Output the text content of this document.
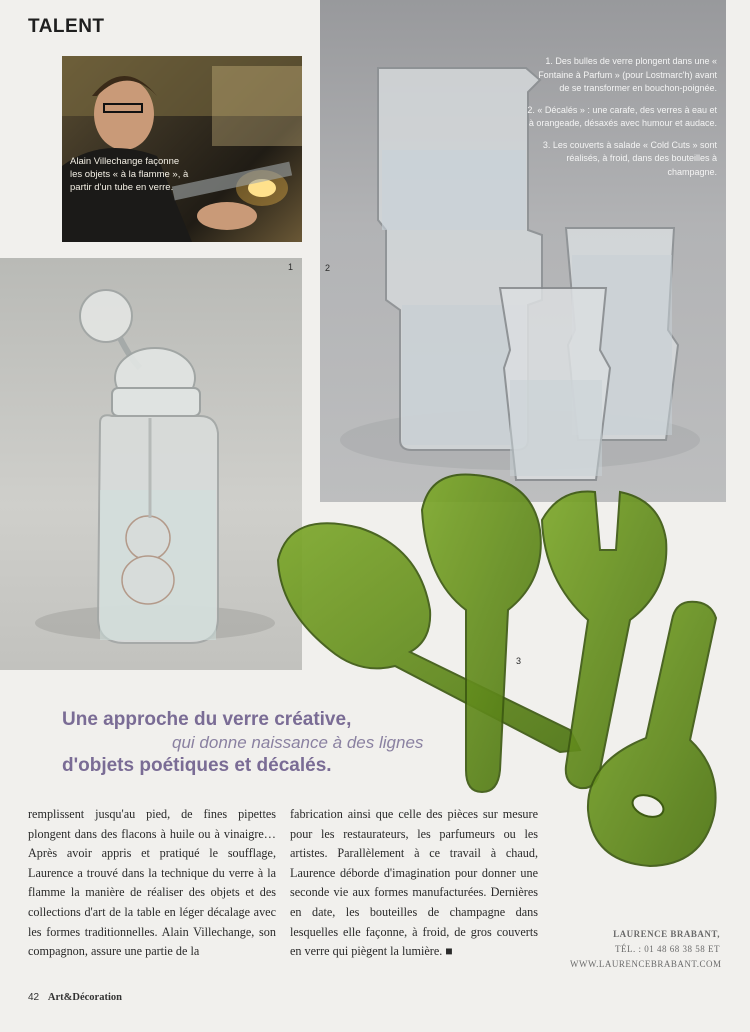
TALENT
Alain Villechange façonne les objets « à la flamme », à partir d'un tube en verre.
1	2

1. Des bulles de verre plongent dans une « Fontaine à Parfum » (pour Lostmarc'h) avant de se transformer en bouchon-poignée.

2. « Décalés » : une carafe, des verres à eau et à orangeade, désaxés avec humour et audace.

3. Les couverts à salade « Cold Cuts » sont réalisés, à froid, dans des bouteilles à champagne.

3
Une approche du verre créative,
qui donne naissance à des lignes
d'objets poétiques et décalés.
remplissent jusqu'au pied, de fines pipettes plongent dans des flacons à huile ou à vinaigre… Après avoir appris et pratiqué le soufflage, Laurence a trouvé dans la technique du verre à la flamme la manière de réaliser des objets et des collections d'art de la table en léger décalage avec les formes traditionnelles. Alain Villechange, son compagnon, assure une partie de la
fabrication ainsi que celle des pièces sur mesure pour les restaurateurs, les parfumeurs ou les artistes. Parallèlement à ce travail à chaud, Laurence déborde d'imagination pour donner une seconde vie aux formes manufacturées. Dernières en date, les bouteilles de champagne dans lesquelles elle façonne, à froid, de gros couverts en verre qui piègent la lumière. ■
LAURENCE BRABANT,
TÉL. : 01 48 68 38 58 ET
WWW.LAURENCEBRABANT.COM
42 Art&Décoration
